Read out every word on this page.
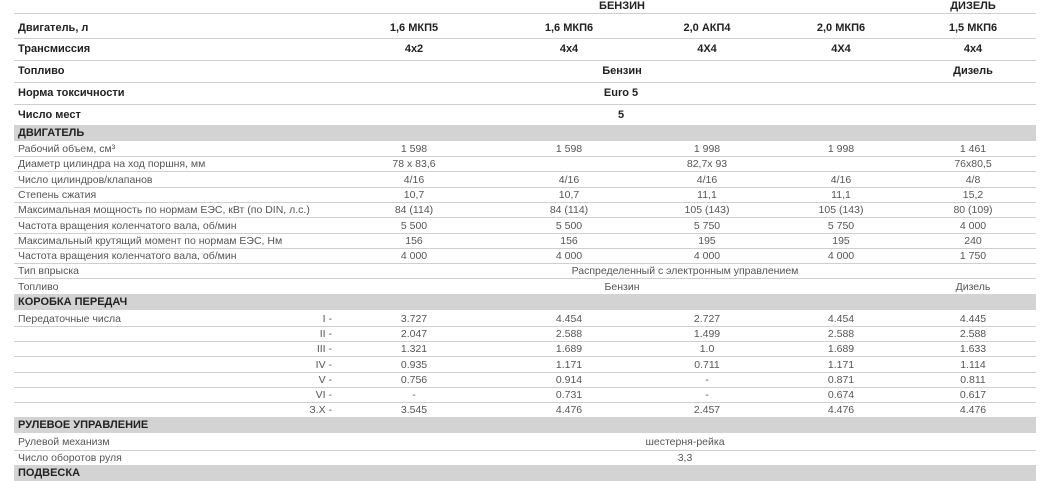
БЕНЗИН	ДИЗЕЛЬ
Двигатель, л	1,6 МКП5	1,6 МКП6	2,0 АКП4	2,0 МКП6	1,5 МКП6
Трансмиссия	4x2	4x4	4X4	4X4	4x4
Топливо	Бензин	Дизель
Норма токсичности	Euro 5
Число мест	5
ДВИГАТЕЛЬ
Рабочий объем, см³	1 598	1 598	1 998	1 998	1 461
Диаметр цилиндра на ход поршня, мм	78 x 83,6	82,7x 93	76x80,5
Число цилиндров/клапанов	4/16	4/16	4/16	4/16	4/8
Степень сжатия	10,7	10,7	11,1	11,1	15,2
Максимальная мощность по нормам ЕЭС, кВт (по DIN, л.с.)	84 (114)	84 (114)	105 (143)	105 (143)	80 (109)
Частота вращения коленчатого вала, об/мин	5 500	5 500	5 750	5 750	4 000
Максимальный крутящий момент по нормам ЕЭС, Нм	156	156	195	195	240
Частота вращения коленчатого вала, об/мин	4 000	4 000	4 000	4 000	1 750
Тип впрыска	Распределенный с электронным управлением
Топливо	Бензин	Дизель
КОРОБКА ПЕРЕДАЧ
Передаточные числа	I -	3.727	4.454	2.727	4.454	4.445
II -	2.047	2.588	1.499	2.588	2.588
III -	1.321	1.689	1.0	1.689	1.633
IV -	0.935	1.171	0.711	1.171	1.114
V -	0.756	0.914	-	0.871	0.811
VI -	-	0.731	-	0.674	0.617
З.Х -	3.545	4.476	2.457	4.476	4.476
РУЛЕВОЕ УПРАВЛЕНИЕ
Рулевой механизм	шестерня-рейка
Число оборотов руля	3,3
ПОДВЕСКА
